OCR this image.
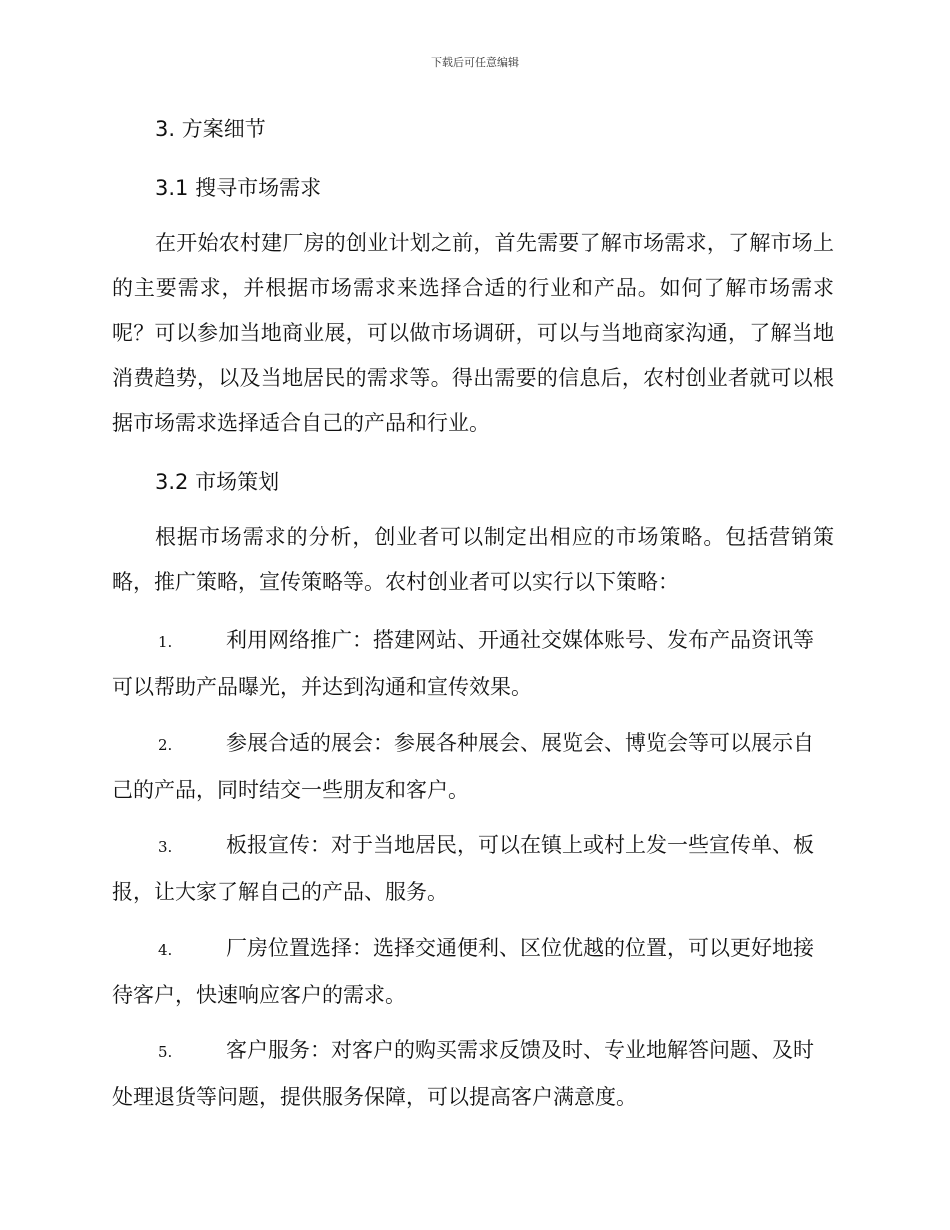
下载后可任意编辑
3. 方案细节
3.1 搜寻市场需求

在开始农村建厂房的创业计划之前，首先需要了解市场需求，了解市场上的主要需求，并根据市场需求来选择合适的行业和产品。如何了解市场需求呢？可以参加当地商业展，可以做市场调研，可以与当地商家沟通，了解当地消费趋势，以及当地居民的需求等。得出需要的信息后，农村创业者就可以根据市场需求选择适合自己的产品和行业。

3.2 市场策划

根据市场需求的分析，创业者可以制定出相应的市场策略。包括营销策略，推广策略，宣传策略等。农村创业者可以实行以下策略：

1.	利用网络推广：搭建网站、开通社交媒体账号、发布产品资讯等可以帮助产品曝光，并达到沟通和宣传效果。

2.	参展合适的展会：参展各种展会、展览会、博览会等可以展示自己的产品，同时结交一些朋友和客户。

3.	板报宣传：对于当地居民，可以在镇上或村上发一些宣传单、板报，让大家了解自己的产品、服务。

4.	厂房位置选择：选择交通便利、区位优越的位置，可以更好地接待客户，快速响应客户的需求。

5.	客户服务：对客户的购买需求反馈及时、专业地解答问题、及时处理退货等问题，提供服务保障，可以提高客户满意度。
